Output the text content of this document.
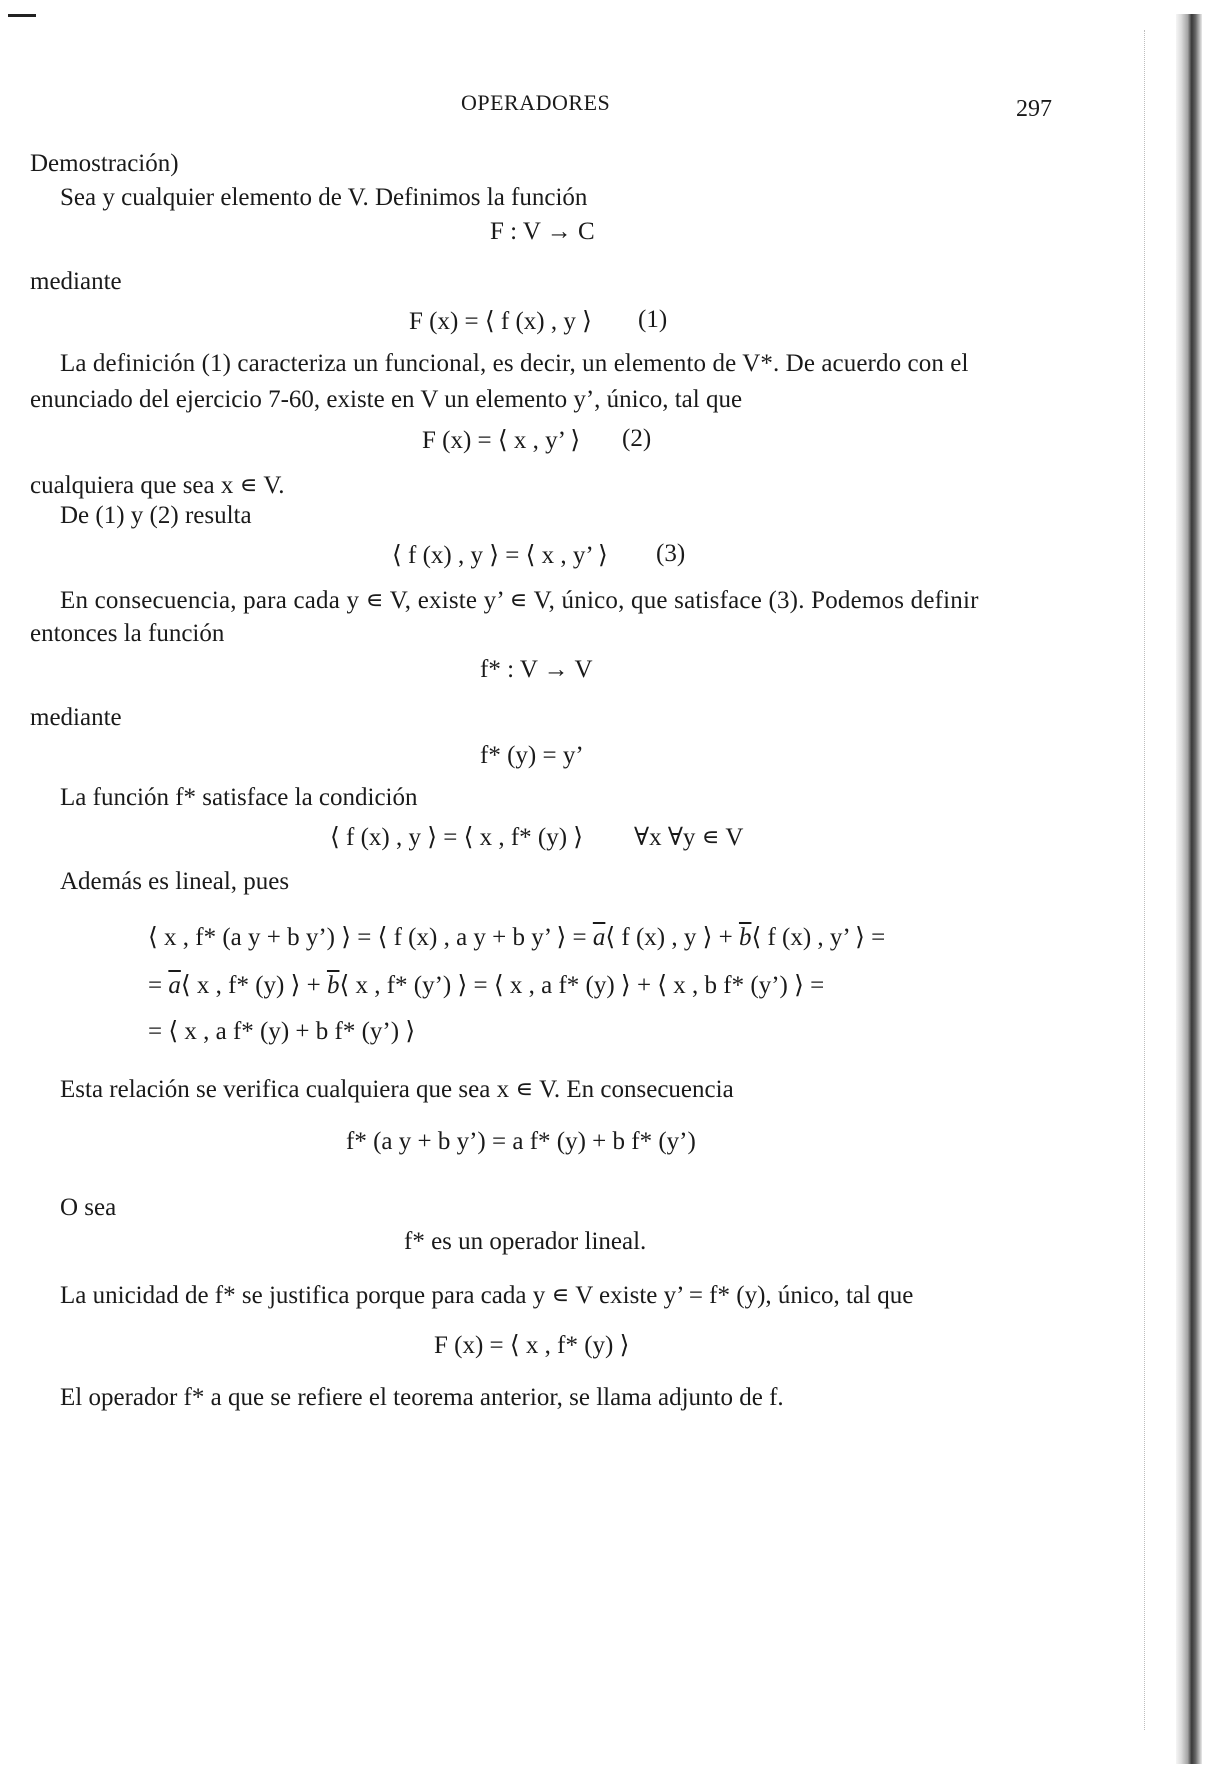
OPERADORES	297
Demostración)
Sea y cualquier elemento de V. Definimos la función
F : V → C
mediante
F (x) = ⟨ f (x) , y ⟩ (1)
La definición (1) caracteriza un funcional, es decir, un elemento de V*. De acuerdo con el
enunciado del ejercicio 7-60, existe en V un elemento y’, único, tal que
F (x) = ⟨ x , y’ ⟩ (2)
cualquiera que sea x ∊ V.
De (1) y (2) resulta
⟨ f (x) , y ⟩ = ⟨ x , y’ ⟩ (3)
En consecuencia, para cada y ∊ V, existe y’ ∊ V, único, que satisface (3). Podemos definir
entonces la función
f* : V → V
mediante
f* (y) = y’
La función f* satisface la condición
⟨ f (x) , y ⟩ = ⟨ x , f* (y) ⟩ ∀x ∀y ∊ V
Además es lineal, pues
⟨ x , f* (a y + b y’) ⟩ = ⟨ f (x) , a y + b y’ ⟩ = $\overline{a}⟨$ f (x) , y ⟩ + $\overline{b}⟨$ f (x) , y’ ⟩ =
= $\overline{a}⟨$ x , f* (y) ⟩ + $\overline{b}⟨$ x , f* (y’) ⟩ = ⟨ x , a f* (y) ⟩ + ⟨ x , b f* (y’) ⟩ =
= ⟨ x , a f* (y) + b f* (y’) ⟩
Esta relación se verifica cualquiera que sea x ∊ V. En consecuencia
f* (a y + b y’) = a f* (y) + b f* (y’)
O sea
f* es un operador lineal.
La unicidad de f* se justifica porque para cada y ∊ V existe y’ = f* (y), único, tal que
F (x) = ⟨ x , f* (y) ⟩
El operador f* a que se refiere el teorema anterior, se llama adjunto de f.
